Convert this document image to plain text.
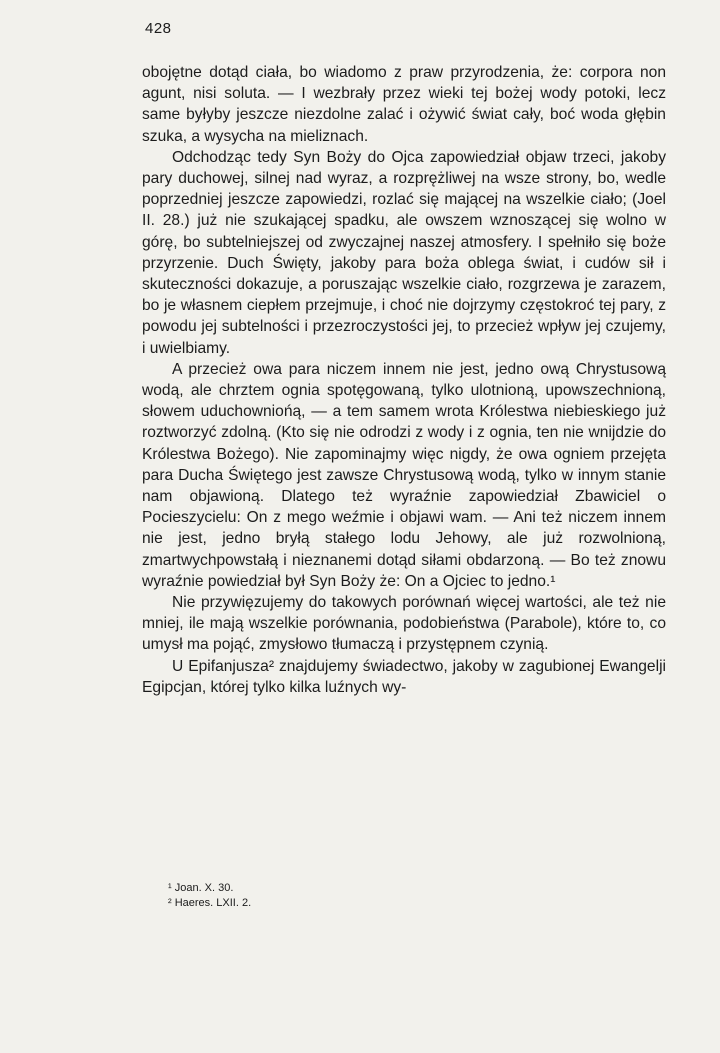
428

obojętne dotąd ciała, bo wiadomo z praw przyrodzenia, że: corpora non agunt, nisi soluta. — I wezbrały przez wieki tej bożej wody potoki, lecz same byłyby jeszcze niezdolne zalać i ożywić świat cały, boć woda głębin szuka, a wysycha na mieliznach.

Odchodząc tedy Syn Boży do Ojca zapowiedział objaw trzeci, jakoby pary duchowej, silnej nad wyraz, a rozprężliwej na wsze strony, bo, wedle poprzedniej jeszcze zapowiedzi, rozlać się mającej na wszelkie ciało; (Joel II. 28.) już nie szukającej spadku, ale owszem wznoszącej się wolno w górę, bo subtelniejszej od zwyczajnej naszej atmosfery. I spełniło się boże przyrzenie. Duch Święty, jakoby para boża oblega świat, i cudów sił i skuteczności dokazuje, a poruszając wszelkie ciało, rozgrzewa je zarazem, bo je własnem ciepłem przejmuje, i choć nie dojrzymy częstokroć tej pary, z powodu jej subtelności i przezroczystości jej, to przecież wpływ jej czujemy, i uwielbiamy.

A przecież owa para niczem innem nie jest, jedno ową Chrystusową wodą, ale chrztem ognia spotęgowaną, tylko ulotnioną, upowszechnioną, słowem uduchowniońą, — a tem samem wrota Królestwa niebieskiego już roztworzyć zdolną. (Kto się nie odrodzi z wody i z ognia, ten nie wnijdzie do Królestwa Bożego). Nie zapominajmy więc nigdy, że owa ogniem przejęta para Ducha Świętego jest zawsze Chrystusową wodą, tylko w innym stanie nam objawioną. Dlatego też wyraźnie zapowiedział Zbawiciel o Pocieszycielu: On z mego weźmie i objawi wam. — Ani też niczem innem nie jest, jedno bryłą stałego lodu Jehowy, ale już rozwolnioną, zmartwychpowstałą i nieznanemi dotąd siłami obdarzoną. — Bo też znowu wyraźnie powiedział był Syn Boży że: On a Ojciec to jedno.¹

Nie przywięzujemy do takowych porównań więcej wartości, ale też nie mniej, ile mają wszelkie porównania, podobieństwa (Parabole), które to, co umysł ma pojąć, zmysłowo tłumaczą i przystępnem czynią.

U Epifanjusza² znajdujemy świadectwo, jakoby w zagubionej Ewangelji Egipcjan, której tylko kilka luźnych wy-

¹ Joan. X. 30.

² Haeres. LXII. 2.
